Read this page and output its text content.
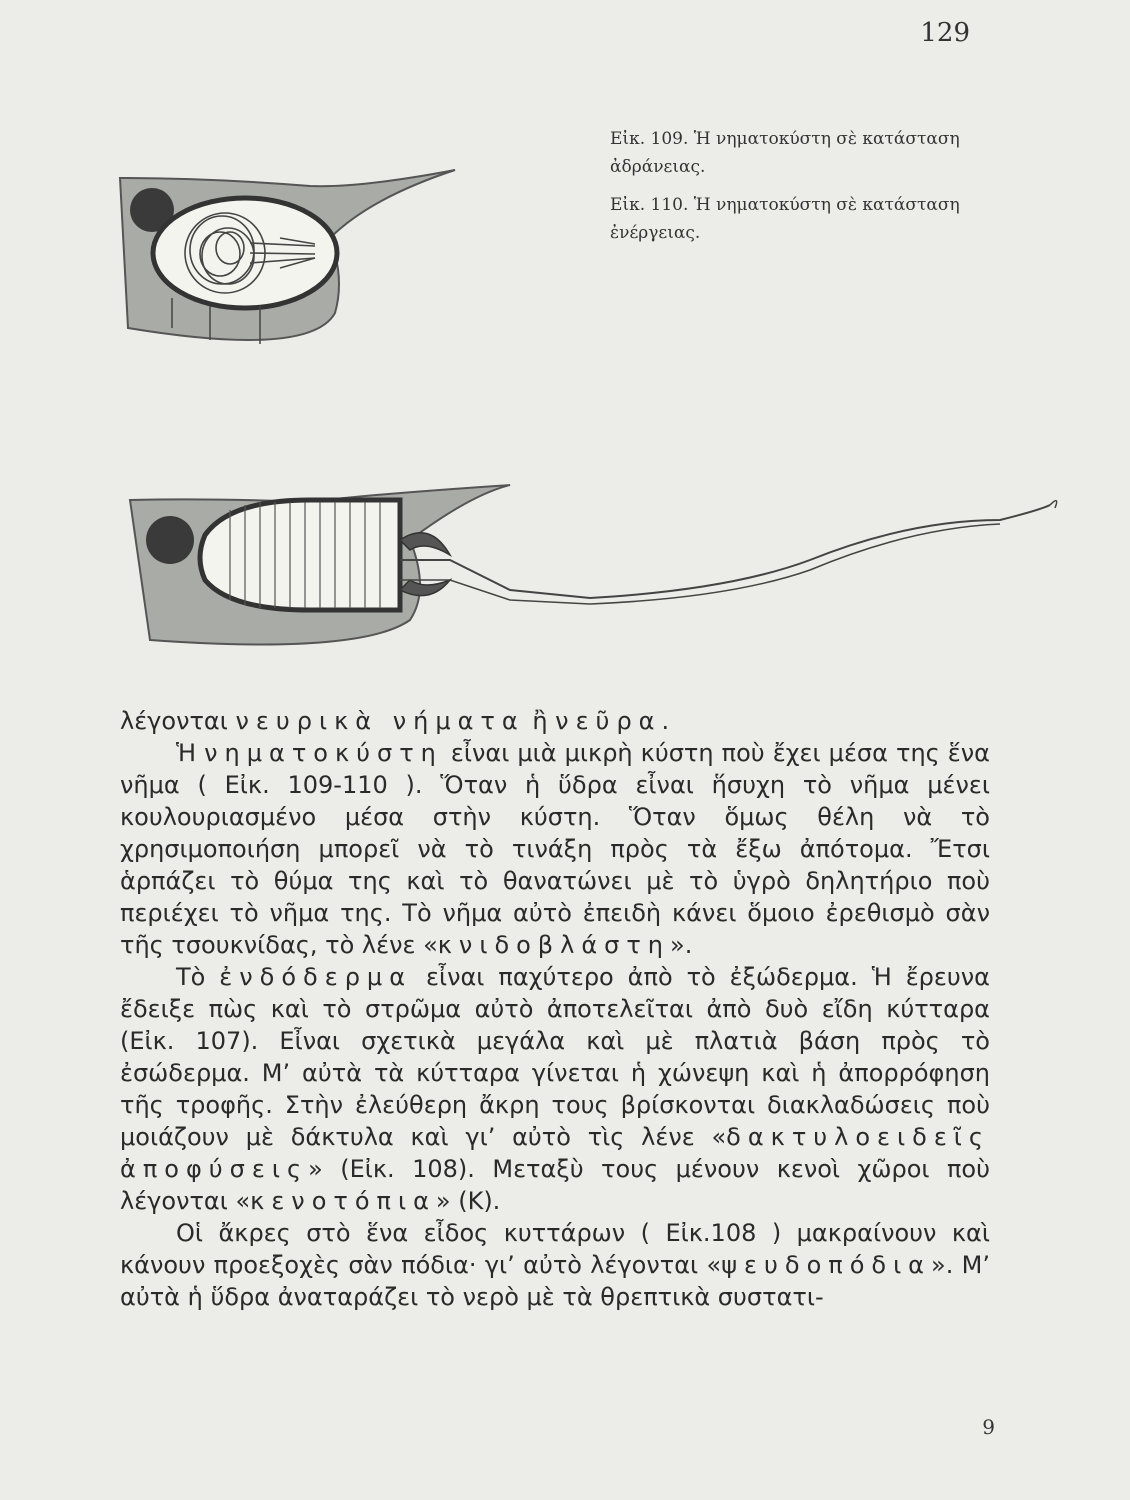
129
Εἰκ. 109. Ἡ νηματοκύστη σὲ κατάσταση ἀδράνειας.
Εἰκ. 110. Ἡ νηματοκύστη σὲ κατάσταση ἐνέργειας.

λέγονται νευρικὰ νήματα ἢ νεῦρα.

Ἡ νηματοκύστη εἶναι μιὰ μικρὴ κύστη ποὺ ἔχει μέσα της ἕνα νῆμα ( Εἰκ. 109-110 ). Ὅταν ἡ ὕδρα εἶναι ἥσυχη τὸ νῆμα μένει κουλουριασμένο μέσα στὴν κύστη. Ὅταν ὅμως θέλη νὰ τὸ χρησιμοποιήση μπορεῖ νὰ τὸ τινάξη πρὸς τὰ ἔξω ἀπότομα. Ἔτσι ἁρπάζει τὸ θύμα της καὶ τὸ θανατώνει μὲ τὸ ὑγρὸ δηλητήριο ποὺ περιέχει τὸ νῆμα της. Τὸ νῆμα αὐτὸ ἐπειδὴ κάνει ὅμοιο ἐρεθισμὸ σὰν τῆς τσουκνίδας, τὸ λένε «κνιδοβλάστη».

Τὸ ἐνδόδερμα εἶναι παχύτερο ἀπὸ τὸ ἐξώδερμα. Ἡ ἔρευνα ἔδειξε πὼς καὶ τὸ στρῶμα αὐτὸ ἀποτελεῖται ἀπὸ δυὸ εἴδη κύτταρα (Εἰκ. 107). Εἶναι σχετικὰ μεγάλα καὶ μὲ πλατιὰ βάση πρὸς τὸ ἐσώδερμα. Μ’ αὐτὰ τὰ κύτταρα γίνεται ἡ χώνεψη καὶ ἡ ἀπορρόφηση τῆς τροφῆς. Στὴν ἐλεύθερη ἄκρη τους βρίσκονται διακλαδώσεις ποὺ μοιάζουν μὲ δάκτυλα καὶ γι’ αὐτὸ τὶς λένε «δακτυλοειδεῖς ἀποφύσεις» (Εἰκ. 108). Μεταξὺ τους μένουν κενοὶ χῶροι ποὺ λέγονται «κενοτόπια» (Κ).

Οἱ ἄκρες στὸ ἕνα εἶδος κυττάρων ( Εἰκ.108 ) μακραίνουν καὶ κάνουν προεξοχὲς σὰν πόδια· γι’ αὐτὸ λέγονται «ψευδοπόδια». Μ’ αὐτὰ ἡ ὕδρα ἀναταράζει τὸ νερὸ μὲ τὰ θρεπτικὰ συστατι-

9
